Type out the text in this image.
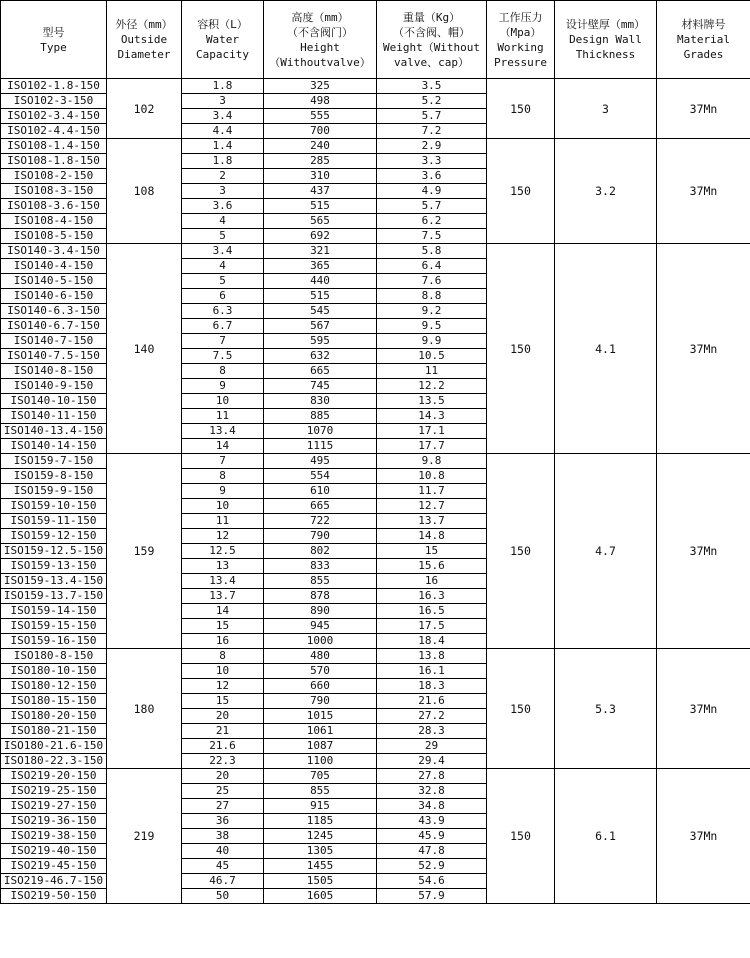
型号
Type	外径（mm）
Outside
Diameter	容积（L）
Water
Capacity	高度（mm）
（不含阀门）
Height
（Withoutvalve）	重量（Kg）
（不含阀、帽）
Weight（Without
valve、cap）	工作压力
（Mpa）
Working
Pressure	设计壁厚（mm）
Design Wall
Thickness	材料牌号
Material
Grades
ISO102-1.8-150	102	1.8	325	3.5	150	3	37Mn
ISO102-3-150		3	498	5.2			
ISO102-3.4-150		3.4	555	5.7			
ISO102-4.4-150		4.4	700	7.2			
ISO108-1.4-150	108	1.4	240	2.9	150	3.2	37Mn
ISO108-1.8-150		1.8	285	3.3			
ISO108-2-150		2	310	3.6			
ISO108-3-150		3	437	4.9			
ISO108-3.6-150		3.6	515	5.7			
ISO108-4-150		4	565	6.2			
ISO108-5-150		5	692	7.5			
ISO140-3.4-150	140	3.4	321	5.8	150	4.1	37Mn
ISO140-4-150		4	365	6.4			
ISO140-5-150		5	440	7.6			
ISO140-6-150		6	515	8.8			
ISO140-6.3-150		6.3	545	9.2			
ISO140-6.7-150		6.7	567	9.5			
ISO140-7-150		7	595	9.9			
ISO140-7.5-150		7.5	632	10.5			
ISO140-8-150		8	665	11			
ISO140-9-150		9	745	12.2			
ISO140-10-150		10	830	13.5			
ISO140-11-150		11	885	14.3			
ISO140-13.4-150		13.4	1070	17.1			
ISO140-14-150		14	1115	17.7			
ISO159-7-150	159	7	495	9.8	150	4.7	37Mn
ISO159-8-150		8	554	10.8			
ISO159-9-150		9	610	11.7			
ISO159-10-150		10	665	12.7			
ISO159-11-150		11	722	13.7			
ISO159-12-150		12	790	14.8			
ISO159-12.5-150		12.5	802	15			
ISO159-13-150		13	833	15.6			
ISO159-13.4-150		13.4	855	16			
ISO159-13.7-150		13.7	878	16.3			
ISO159-14-150		14	890	16.5			
ISO159-15-150		15	945	17.5			
ISO159-16-150		16	1000	18.4			
ISO180-8-150	180	8	480	13.8	150	5.3	37Mn
ISO180-10-150		10	570	16.1			
ISO180-12-150		12	660	18.3			
ISO180-15-150		15	790	21.6			
ISO180-20-150		20	1015	27.2			
ISO180-21-150		21	1061	28.3			
ISO180-21.6-150		21.6	1087	29			
ISO180-22.3-150		22.3	1100	29.4			
ISO219-20-150	219	20	705	27.8	150	6.1	37Mn
ISO219-25-150		25	855	32.8			
ISO219-27-150		27	915	34.8			
ISO219-36-150		36	1185	43.9			
ISO219-38-150		38	1245	45.9			
ISO219-40-150		40	1305	47.8			
ISO219-45-150		45	1455	52.9			
ISO219-46.7-150		46.7	1505	54.6			
ISO219-50-150		50	1605	57.9			
